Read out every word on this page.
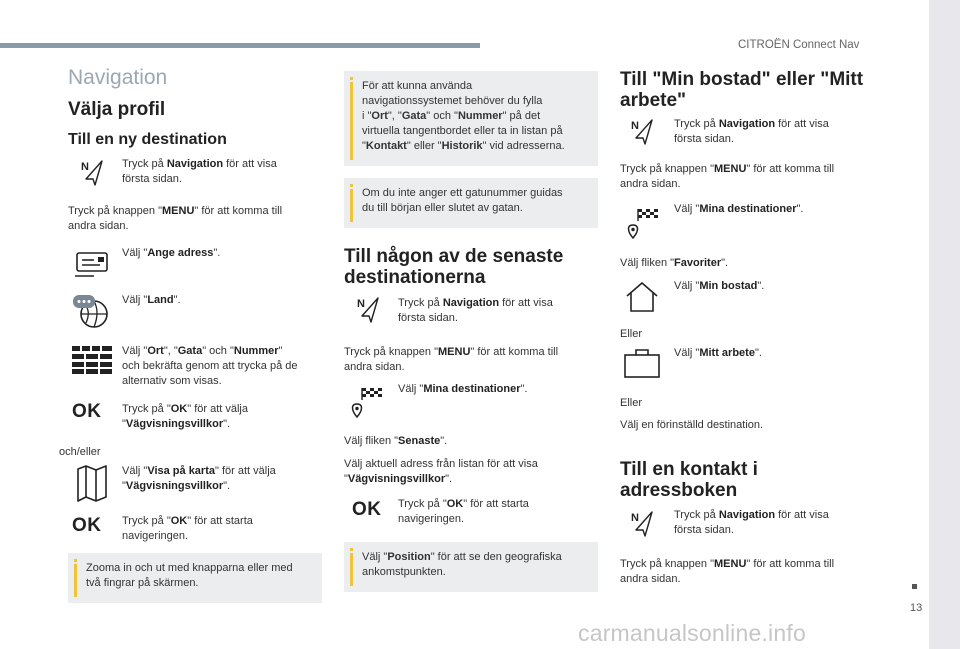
CITROËN Connect Nav
13
carmanualsonline.info
Navigation
Välja profil
Till en ny destination
N	Tryck på Navigation för att visa
första sidan.
Tryck på knappen "MENU" för att komma till
andra sidan.
Välj "Ange adress".
Välj "Land".
Välj "Ort", "Gata" och "Nummer"
och bekräfta genom att trycka på de
alternativ som visas.
OK Tryck på "OK" för att välja
"Vägvisningsvillkor".
och/eller
Välj "Visa på karta" för att välja
"Vägvisningsvillkor".
OK Tryck på "OK" för att starta
navigeringen.
Zooma in och ut med knapparna eller med
två fingrar på skärmen.
För att kunna använda
navigationssystemet behöver du fylla
i "Ort", "Gata" och "Nummer" på det
virtuella tangentbordet eller ta in listan på
"Kontakt" eller "Historik" vid adresserna.
Om du inte anger ett gatunummer guidas
du till början eller slutet av gatan.
Till någon av de senaste
destinationerna
N	Tryck på Navigation för att visa
första sidan.
Tryck på knappen "MENU" för att komma till
andra sidan.
Välj "Mina destinationer".
Välj fliken "Senaste".
Välj aktuell adress från listan för att visa
"Vägvisningsvillkor".
OK Tryck på "OK" för att starta
navigeringen.
Välj "Position" för att se den geografiska
ankomstpunkten.
Till "Min bostad" eller "Mitt
arbete"
N	Tryck på Navigation för att visa
första sidan.
Tryck på knappen "MENU" för att komma till
andra sidan.
Välj "Mina destinationer".
Välj fliken "Favoriter".
Välj "Min bostad".
Eller
Välj "Mitt arbete".
Eller
Välj en förinställd destination.
Till en kontakt i
adressboken
N	Tryck på Navigation för att visa
första sidan.
Tryck på knappen "MENU" för att komma till
andra sidan.
